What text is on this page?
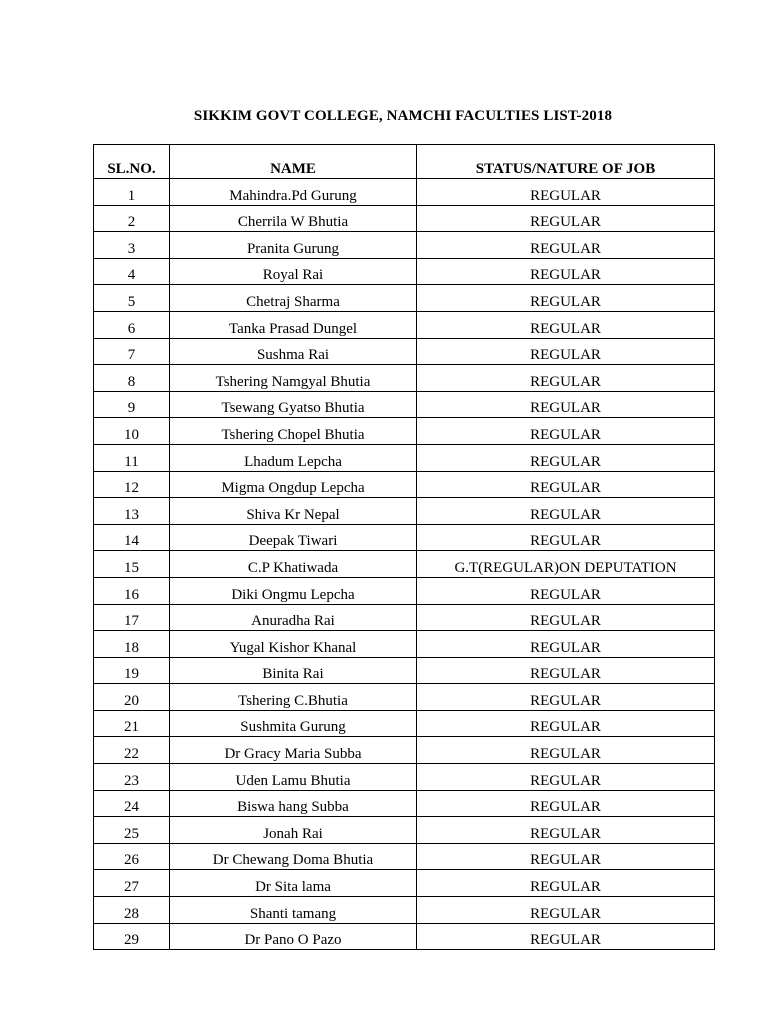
SIKKIM GOVT COLLEGE, NAMCHI FACULTIES LIST-2018
SL.NO.	NAME	STATUS/NATURE OF JOB
1	Mahindra.Pd Gurung	REGULAR
2	Cherrila W Bhutia	REGULAR
3	Pranita Gurung	REGULAR
4	Royal Rai	REGULAR
5	Chetraj Sharma	REGULAR
6	Tanka Prasad Dungel	REGULAR
7	Sushma Rai	REGULAR
8	Tshering Namgyal Bhutia	REGULAR
9	Tsewang Gyatso Bhutia	REGULAR
10	Tshering Chopel Bhutia	REGULAR
11	Lhadum Lepcha	REGULAR
12	Migma Ongdup Lepcha	REGULAR
13	Shiva Kr Nepal	REGULAR
14	Deepak Tiwari	REGULAR
15	C.P Khatiwada	G.T(REGULAR)ON DEPUTATION
16	Diki Ongmu Lepcha	REGULAR
17	Anuradha Rai	REGULAR
18	Yugal Kishor Khanal	REGULAR
19	Binita Rai	REGULAR
20	Tshering C.Bhutia	REGULAR
21	Sushmita Gurung	REGULAR
22	Dr Gracy Maria Subba	REGULAR
23	Uden Lamu Bhutia	REGULAR
24	Biswa hang Subba	REGULAR
25	Jonah Rai	REGULAR
26	Dr Chewang Doma Bhutia	REGULAR
27	Dr Sita lama	REGULAR
28	Shanti tamang	REGULAR
29	Dr Pano O Pazo	REGULAR
